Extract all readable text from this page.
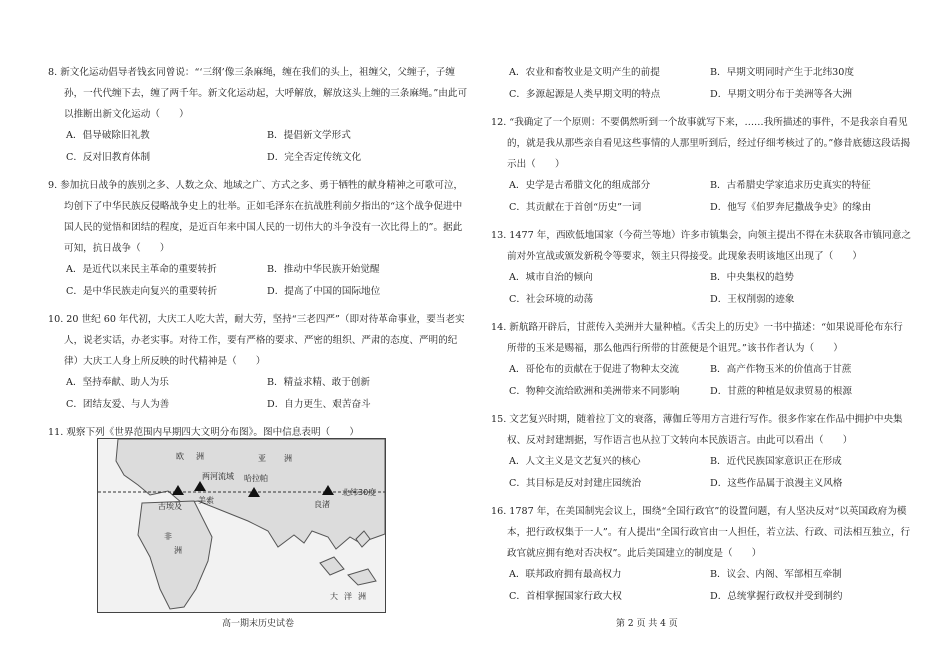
8. 新文化运动倡导者钱玄同曾说：“‘三纲’像三条麻绳，缠在我们的头上，祖缠父，父缠子，子缠孙，一代代缠下去，缠了两千年。新文化运动起，大呼解放，解放这头上缠的三条麻绳。”由此可以推断出新文化运动（　　）

A．倡导破除旧礼教	B．提倡新文学形式
C．反对旧教育体制	D．完全否定传统文化

9. 参加抗日战争的族别之多、人数之众、地域之广、方式之多、勇于牺牲的献身精神之可歌可泣，均创下了中华民族反侵略战争史上的壮举。正如毛泽东在抗战胜利前夕指出的“这个战争促进中国人民的觉悟和团结的程度，是近百年来中国人民的一切伟大的斗争没有一次比得上的”。据此可知，抗日战争（　　）

A．是近代以来民主革命的重要转折	B．推动中华民族开始觉醒
C．是中华民族走向复兴的重要转折	D．提高了中国的国际地位

10. 20 世纪 60 年代初，大庆工人吃大苦，耐大劳，坚持“三老四严”（即对待革命事业，要当老实人，说老实话，办老实事。对待工作，要有严格的要求、严密的组织、严肃的态度、严明的纪律）大庆工人身上所反映的时代精神是（　　）

A．坚持奉献、助人为乐	B．精益求精、敢于创新
C．团结友爱、与人为善	D．自力更生、艰苦奋斗

11. 观察下列《世界范围内早期四大文明分布图》。图中信息表明（　　）

A．农业和畜牧业是文明产生的前提	B．早期文明同时产生于北纬30度
C．多源起源是人类早期文明的特点	D．早期文明分布于美洲等各大洲

12. “我确定了一个原则：不要偶然听到一个故事就写下来，……我所描述的事件，不是我亲自看见的，就是我从那些亲自看见这些事情的人那里听到后，经过仔细考核过了的。”修昔底德这段话揭示出（　　）

A．史学是古希腊文化的组成部分	B．古希腊史学家追求历史真实的特征
C．其贡献在于首创“历史”一词	D．他写《伯罗奔尼撒战争史》的缘由

13. 1477 年，西欧低地国家（今荷兰等地）许多市镇集会，向领主提出不得在未获取各市镇同意之前对外宣战或颁发新税令等要求，领主只得接受。此现象表明该地区出现了（　　）

A．城市自治的倾向	B．中央集权的趋势
C．社会环境的动荡	D．王权削弱的迹象

14. 新航路开辟后，甘蔗传入美洲并大量种植。《舌尖上的历史》一书中描述：“如果说哥伦布东行所带的玉米是赐福，那么他西行所带的甘蔗便是个诅咒。”该书作者认为（　　）

A．哥伦布的贡献在于促进了物种太交流	B．高产作物玉米的价值高于甘蔗
C．物种交流给欧洲和美洲带来不同影响	D．甘蔗的种植是奴隶贸易的根源

15. 文艺复兴时期，随着拉丁文的衰落，薄伽丘等用方言进行写作。很多作家在作品中拥护中央集权、反对封建割据，写作语言也从拉丁文转向本民族语言。由此可以看出（　　）

A．人文主义是文艺复兴的核心	B．近代民族国家意识正在形成
C．其目标是反对封建庄园统治	D．这些作品属于浪漫主义风格

16. 1787 年，在美国制宪会议上，围绕“全国行政官”的设置问题，有人坚决反对“以英国政府为模本，把行政权集于一人”。有人提出“全国行政官由一人担任，若立法、行政、司法相互独立，行政官就应拥有绝对否决权”。此后美国建立的制度是（　　）

A．联邦政府拥有最高权力	B．议会、内阁、军部相互牵制
C．首相掌握国家行政大权	D．总统掌握行政权并受到制约
欧 洲	亚 洲
非
洲
大 洋 洲
哈拉帕
两河流域
美索
古埃及	良渚
北纬30度
高一期末历史试卷	第 2 页 共 4 页
